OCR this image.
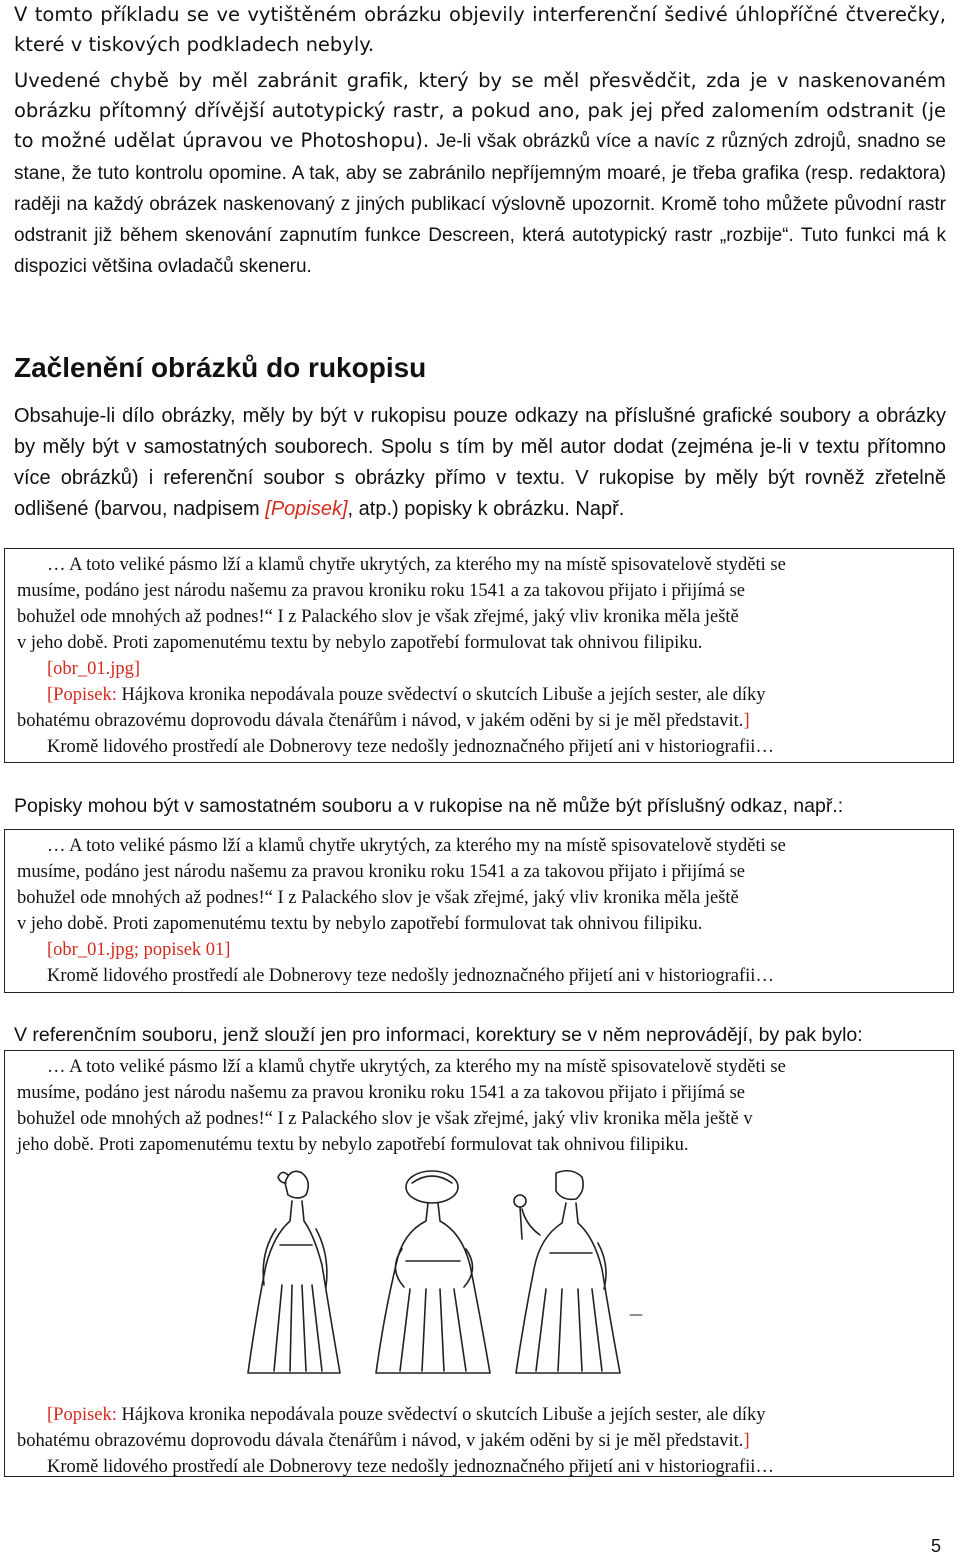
V tomto příkladu se ve vytištěném obrázku objevily interferenční šedivé úhlopříčné čtverečky, které v tiskových podkladech nebyly.
Uvedené chybě by měl zabránit grafik, který by se měl přesvědčit, zda je v naskenovaném obrázku přítomný dřívější autotypický rastr, a pokud ano, pak jej před zalomením odstranit (je to možné udělat úpravou ve Photoshopu). Je-li však obrázků více a navíc z různých zdrojů, snadno se stane, že tuto kontrolu opomine. A tak, aby se zabránilo nepříjemným moaré, je třeba grafika (resp. redaktora) raději na každý obrázek naskenovaný z jiných publikací výslovně upozornit. Kromě toho můžete původní rastr odstranit již během skenování zapnutím funkce Descreen, která autotypický rastr „rozbije“. Tuto funkci má k dispozici většina ovladačů skeneru.
Začlenění obrázků do rukopisu
Obsahuje-li dílo obrázky, měly by být v rukopisu pouze odkazy na příslušné grafické soubory a obrázky by měly být v samostatných souborech. Spolu s tím by měl autor dodat (zejména je-li v textu přítomno více obrázků) i referenční soubor s obrázky přímo v textu. V rukopise by měly být rovněž zřetelně odlišené (barvou, nadpisem [Popisek], atp.) popisky k obrázku. Např.
… A toto veliké pásmo lží a klamů chytře ukrytých, za kterého my na místě spisovatelově styděti se
musíme, podáno jest národu našemu za pravou kroniku roku 1541 a za takovou přijato i přijímá se
bohužel ode mnohých až podnes!“ I z Palackého slov je však zřejmé, jaký vliv kronika měla ještě
v jeho době. Proti zapomenutému textu by nebylo zapotřebí formulovat tak ohnivou filipiku.
[obr_01.jpg]
[Popisek: Hájkova kronika nepodávala pouze svědectví o skutcích Libuše a jejích sester, ale díky
bohatému obrazovému doprovodu dávala čtenářům i návod, v jakém oděni by si je měl představit.]
Kromě lidového prostředí ale Dobnerovy teze nedošly jednoznačného přijetí ani v historiografii…
Popisky mohou být v samostatném souboru a v rukopise na ně může být příslušný odkaz, např.:
… A toto veliké pásmo lží a klamů chytře ukrytých, za kterého my na místě spisovatelově styděti se
musíme, podáno jest národu našemu za pravou kroniku roku 1541 a za takovou přijato i přijímá se
bohužel ode mnohých až podnes!“ I z Palackého slov je však zřejmé, jaký vliv kronika měla ještě
v jeho době. Proti zapomenutému textu by nebylo zapotřebí formulovat tak ohnivou filipiku.
[obr_01.jpg; popisek 01]
Kromě lidového prostředí ale Dobnerovy teze nedošly jednoznačného přijetí ani v historiografii…
V referenčním souboru, jenž slouží jen pro informaci, korektury se v něm neprovádějí, by pak bylo:
… A toto veliké pásmo lží a klamů chytře ukrytých, za kterého my na místě spisovatelově styděti se
musíme, podáno jest národu našemu za pravou kroniku roku 1541 a za takovou přijato i přijímá se
bohužel ode mnohých až podnes!“ I z Palackého slov je však zřejmé, jaký vliv kronika měla ještě v
jeho době. Proti zapomenutému textu by nebylo zapotřebí formulovat tak ohnivou filipiku.
[Popisek: Hájkova kronika nepodávala pouze svědectví o skutcích Libuše a jejích sester, ale díky
bohatému obrazovému doprovodu dávala čtenářům i návod, v jakém oděni by si je měl představit.]
Kromě lidového prostředí ale Dobnerovy teze nedošly jednoznačného přijetí ani v historiografii…
5
